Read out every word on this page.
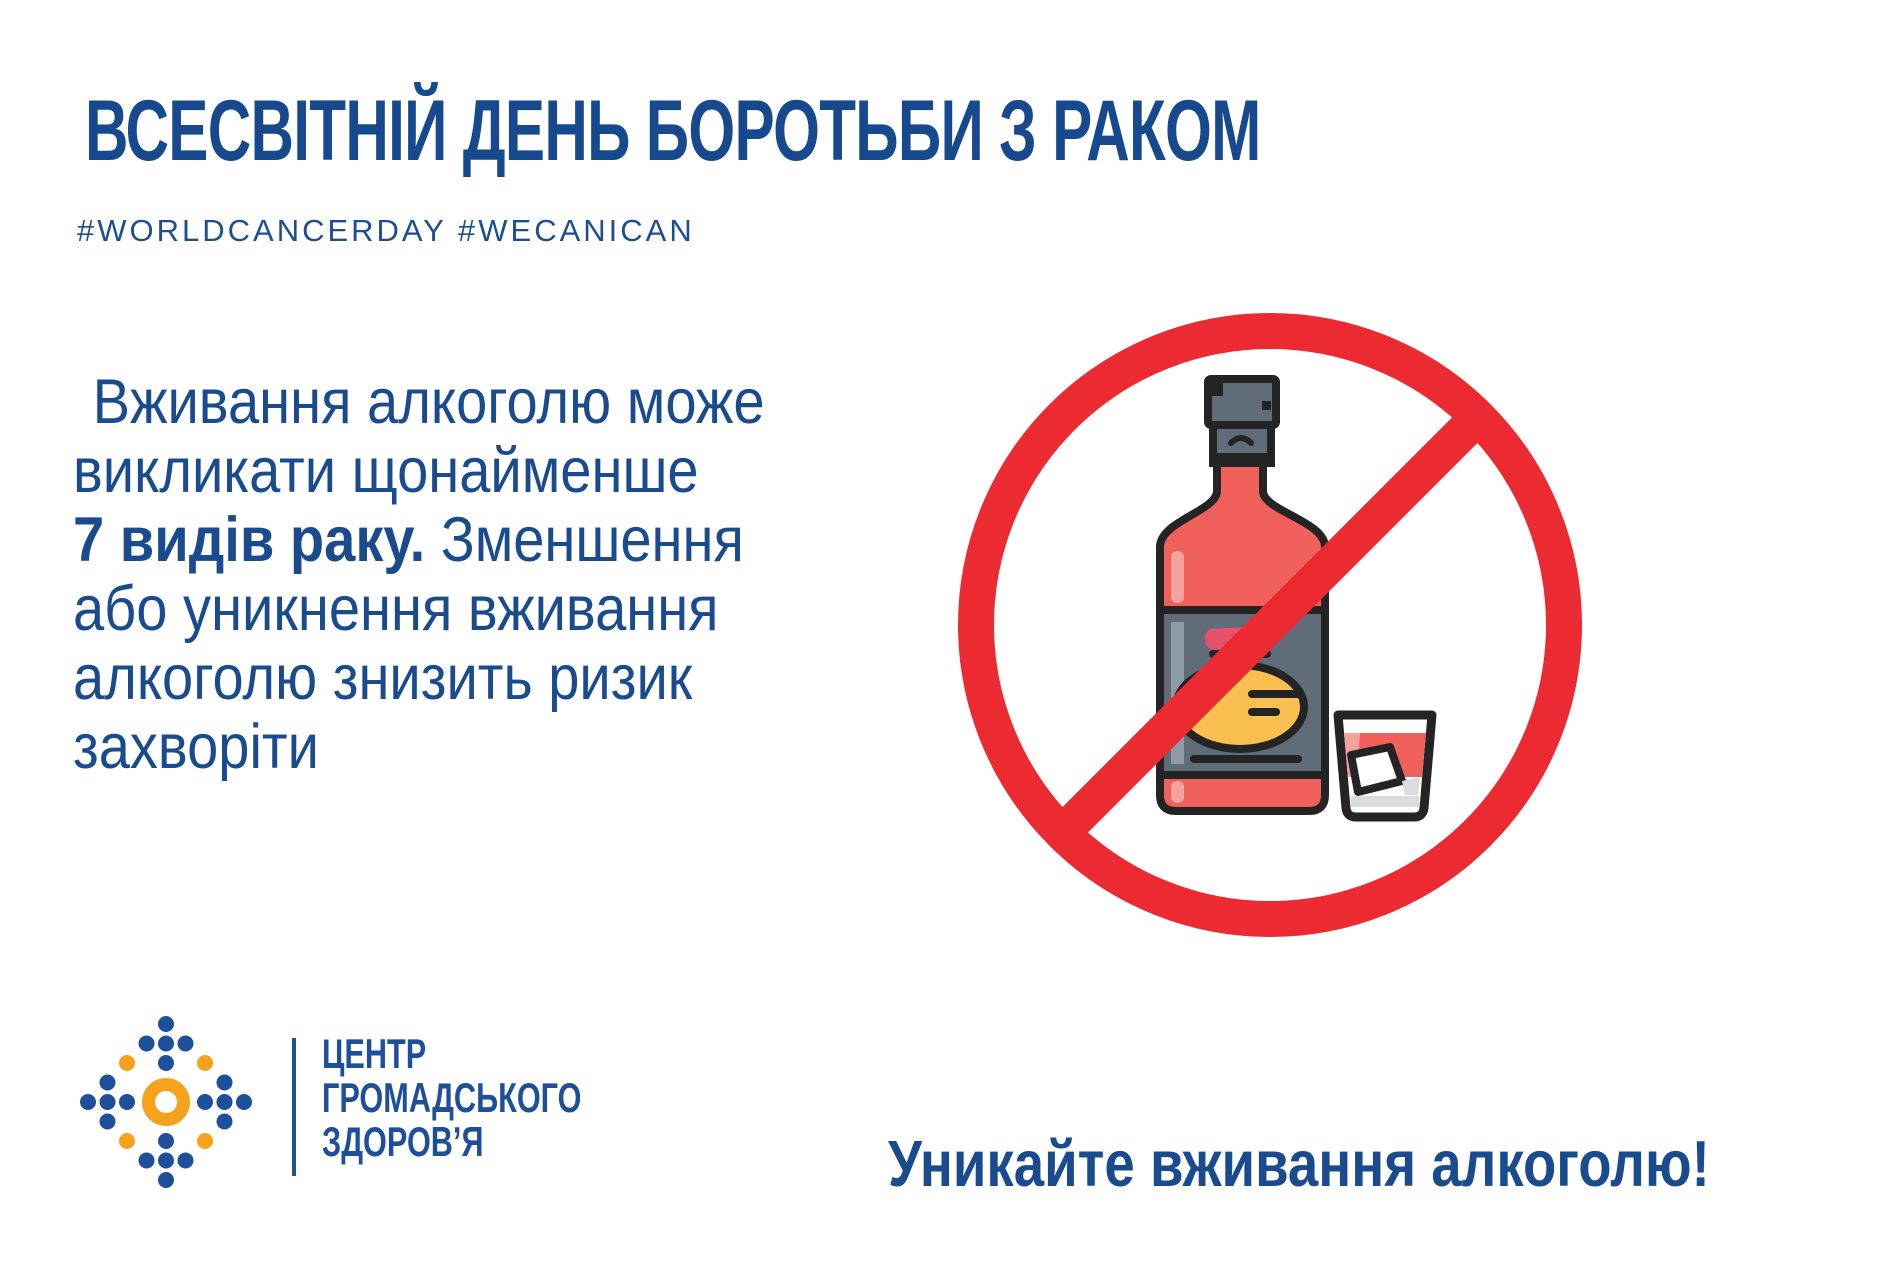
ВСЕСВІТНІЙ ДЕНЬ БОРОТЬБИ З РАКОМ
#WORLDCANCERDAY #WECANICAN
Вживання алкоголю може
викликати щонайменше
7 видів раку. Зменшення
або уникнення вживання
алкоголю знизить ризик
захворіти
Уникайте вживання алкоголю!
ЦЕНТР
ГРОМАДСЬКОГО
ЗДОРОВ’Я
